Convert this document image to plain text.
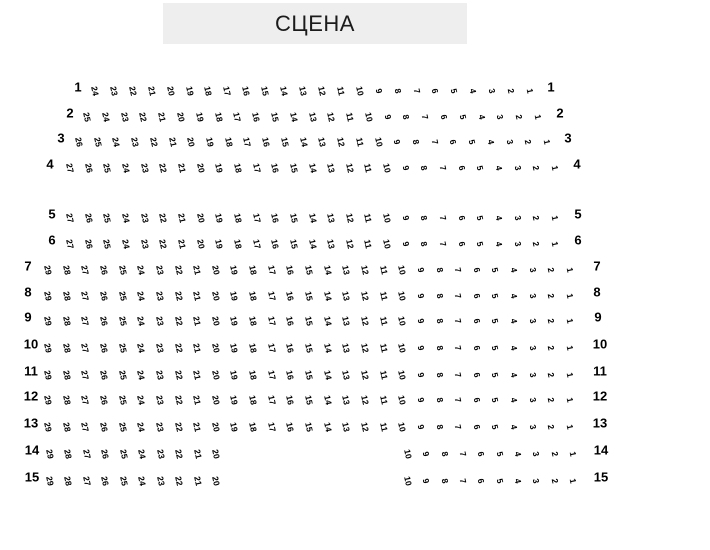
СЦЕНА
1	1
24 23 22 21 20 19 18 17 16 15 14 13 12 11 10 9 8 7 6 5 4 3 2 1
2	2
25 24 23 22 21 20 19 18 17 16 15 14 13 12 11 10 9 8 7 6 5 4 3 2 1
3	3
26 25 24 23 22 21 20 19 18 17 16 15 14 13 12 11 10 9 8 7 6 5 4 3 2 1
4	4
27 26 25 24 23 22 21 20 19 18 17 16 15 14 13 12 11 10 9 8 7 6 5 4 3 2 1
5	5
27 26 25 24 23 22 21 20 19 18 17 16 15 14 13 12 11 10 9 8 7 6 5 4 3 2 1
6	6
27 26 25 24 23 22 21 20 19 18 17 16 15 14 13 12 11 10 9 8 7 6 5 4 3 2 1
7	7
29 28 27 26 25 24 23 22 21 20 19 18 17 16 15 14 13 12 11 10 9 8 7 6 5 4 3 2 1
8	8
29 28 27 26 25 24 23 22 21 20 19 18 17 16 15 14 13 12 11 10 9 8 7 6 5 4 3 2 1
9	9
29 28 27 26 25 24 23 22 21 20 19 18 17 16 15 14 13 12 11 10 9 8 7 6 5 4 3 2 1
10	10
29 28 27 26 25 24 23 22 21 20 19 18 17 16 15 14 13 12 11 10 9 8 7 6 5 4 3 2 1
11	11
29 28 27 26 25 24 23 22 21 20 19 18 17 16 15 14 13 12 11 10 9 8 7 6 5 4 3 2 1
12	12
29 28 27 26 25 24 23 22 21 20 19 18 17 16 15 14 13 12 11 10 9 8 7 6 5 4 3 2 1
13	13
29 28 27 26 25 24 23 22 21 20 19 18 17 16 15 14 13 12 11 10 9 8 7 6 5 4 3 2 1
14	14
29 28 27 26 25 24 23 22 21 20	10 9 8 7 6 5 4 3 2 1
15	15
29 28 27 26 25 24 23 22 21 20	10 9 8 7 6 5 4 3 2 1
